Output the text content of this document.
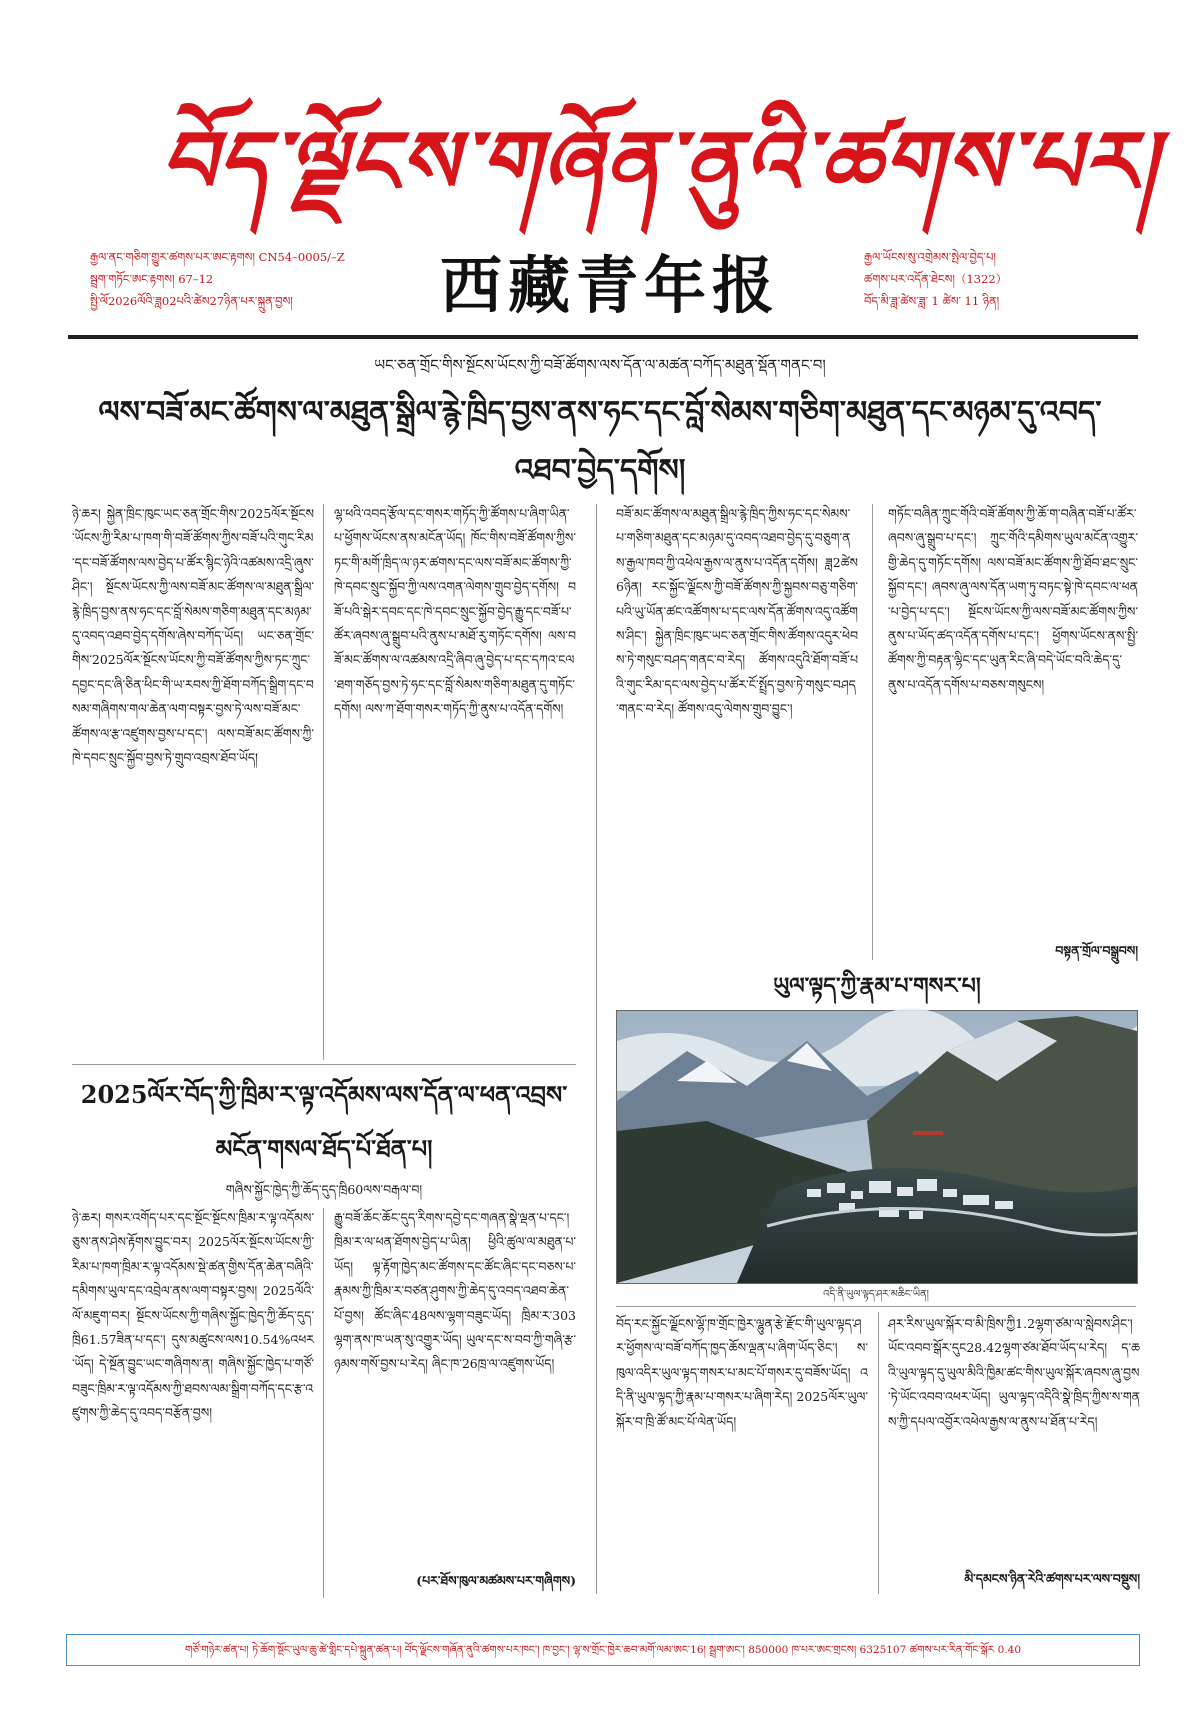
བོད་ལྗོངས་གཞོན་ནུའི་ཚགས་པར།
རྒྱལ་ནང་གཅིག་གྱུར་ཚགས་པར་ཨང་རྟགས། CN54–0005/–Z
སྦྲག་གཏོང་ཨང་རྟགས། 67–12
སྤྱི་ལོ2026ལོའི་ཟླ02པའི་ཚེས27ཉིན་པར་སྐྲུན་བྱས།	西藏青年报	རྒྱལ་ཡོངས་སུ་འགྲེམས་སྤེལ་བྱེད་པ།
ཚགས་པར་འདོན་ཐེངས།（1322）
བོད་མི་ཟླ་ཚེས་ཟླ་ 1 ཚེས་ 11 ཉིན།
ཡང་ཅན་གྲོང་གིས་སྔོངས་ཡོངས་ཀྱི་བཟོ་ཚོགས་ལས་དོན་ལ་མཚན་བཀོད་མཐུན་སྡོན་གནང་བ།
ལས་བཟོ་མང་ཚོགས་ལ་མཐུན་སྒྲིལ་རྙེ་ཁྲིད་བྱས་ནས་ཧང་དང་བློ་སེམས་གཅིག་མཐུན་དང་མཉམ་དུ་འབད་འཐབ་བྱེད་དགོས།
ཉེ་ཆར། སྐྱེན་ཁྲིང་ཁུང་ཡང་ཅན་གྲོང་གིས་2025ལོར་སྔོངས་ཡོངས་ཀྱི་རིམ་པ་ཁག་གི་བཟོ་ཚོགས་ཀྱིས་བཟོ་པའི་གུང་རིམ་དང་བཟོ་ཚོགས་ལས་བྱེད་པ་ཚོར་སྙིང་ཉེའི་འཚམས་འདྲི་ཞུས་ཤིང་། སྔོངས་ཡོངས་ཀྱི་ལས་བཟོ་མང་ཚོགས་ལ་མཐུན་སྒྲིལ་རྙེ་ཁྲིད་བྱས་ནས་ཧང་དང་བློ་སེམས་གཅིག་མཐུན་དང་མཉམ་དུ་འབད་འཐབ་བྱེད་དགོས་ཞེས་བཀོད་ཡོད། ཡང་ཅན་གྲོང་གིས་2025ལོར་སྔོངས་ཡོངས་ཀྱི་བཟོ་ཚོགས་ཀྱིས་ཏང་ཀྲུང་དབྱང་དང་ཞི་ཅིན་ཕིང་གི་ཡ་རབས་ཀྱི་ཐོག་བཀོད་སྒྲིག་དང་བསམ་གཞིགས་གལ་ཆེན་ལག་བསྟར་བྱས་ཏེ་ལས་བཟོ་མང་ཚོགས་ལ་རྩ་འཛུགས་བྱས་པ་དང་། ལས་བཟོ་མང་ཚོགས་ཀྱི་ཁེ་དབང་སྲུང་སྐྱོབ་བྱས་ཏེ་གྲུབ་འབྲས་ཐོབ་ཡོད།
ལྷ་ཕའི་འབད་རྩོལ་དང་གསར་གཏོད་ཀྱི་ཚོགས་པ་ཞིག་ཡིན་པ་ཕྱོགས་ཡོངས་ནས་མངོན་ཡོད། ཁོང་གིས་བཟོ་ཚོགས་ཀྱིས་ཏང་གི་མགོ་ཁྲིད་ལ་ཉར་ཚགས་དང་ལས་བཟོ་མང་ཚོགས་ཀྱི་ཁེ་དབང་སྲུང་སྐྱོབ་ཀྱི་ལས་འགན་ལེགས་གྲུབ་བྱེད་དགོས། བཟོ་པའི་སྒེར་དབང་དང་ཁེ་དབང་སྲུང་སྐྱོབ་བྱེད་རྒྱུ་དང་བཟོ་པ་ཚོར་ཞབས་ཞུ་སྒྲུབ་པའི་ནུས་པ་མཐོ་རུ་གཏོང་དགོས། ལས་བཟོ་མང་ཚོགས་ལ་འཚམས་འདྲི་ཞིབ་ཞུ་བྱེད་པ་དང་དཀའ་ངལ་ཐག་གཅོད་བྱས་ཏེ་ཧང་དང་བློ་སེམས་གཅིག་མཐུན་དུ་གཏོང་དགོས། ལས་ཀ་ཐོག་གསར་གཏོད་ཀྱི་ནུས་པ་འདོན་དགོས།
བཟོ་མང་ཚོགས་ལ་མཐུན་སྒྲིལ་རྙེ་ཁྲིད་ཀྱིས་ཧང་དང་སེམས་པ་གཅིག་མཐུན་དང་མཉམ་དུ་འབད་འཐབ་བྱེད་དུ་བཅུག་ནས་རྒྱལ་ཁབ་ཀྱི་འཕེལ་རྒྱས་ལ་ནུས་པ་འདོན་དགོས། ཟླ2ཚེས6ཉིན། རང་སྐྱོང་ལྗོངས་ཀྱི་བཟོ་ཚོགས་ཀྱི་སྐྱབས་བཅུ་གཅིག་པའི་ཡུ་ཡོན་ཚང་འཚོགས་པ་དང་ལས་དོན་ཚོགས་འདུ་འཚོགས་ཤིང་། སྐྱེན་ཁྲིང་ཁུང་ཡང་ཅན་གྲོང་གིས་ཚོགས་འདུར་ཕེབས་ཏེ་གསུང་བཤད་གནང་བ་རེད། ཚོགས་འདུའི་ཐོག་བཟོ་པའི་གུང་རིམ་དང་ལས་བྱེད་པ་ཚོར་ངོ་སྤྲོད་བྱས་ཏེ་གསུང་བཤད་གནང་བ་རེད། ཚོགས་འདུ་ལེགས་གྲུབ་བྱུང་།
གཏོང་བཞིན་ཀྲུང་གོའི་བཟོ་ཚོགས་ཀྱི་ཆོ་ག་བཞིན་བཟོ་པ་ཚོར་ཞབས་ཞུ་སྒྲུབ་པ་དང་། ཀྲུང་གོའི་དམིགས་ཡུལ་མངོན་འགྱུར་གྱི་ཆེད་དུ་གཏོང་དགོས། ལས་བཟོ་མང་ཚོགས་ཀྱི་ཐོབ་ཐང་སྲུང་སྐྱོབ་དང་། ཞབས་ཞུ་ལས་དོན་ཡག་ཏུ་བཏང་སྟེ་ཁེ་དབང་ལ་ཕན་པ་བྱེད་པ་དང་། སྔོངས་ཡོངས་ཀྱི་ལས་བཟོ་མང་ཚོགས་ཀྱིས་ནུས་པ་ཡོད་ཚད་འདོན་དགོས་པ་དང་། ཕྱོགས་ཡོངས་ནས་སྤྱི་ཚོགས་ཀྱི་བརྟན་ལྷིང་དང་ཡུན་རིང་ཞི་བདེ་ཡོང་བའི་ཆེད་དུ་ནུས་པ་འདོན་དགོས་པ་བཅས་གསུངས།
བསྟན་གྲོལ་བསྒྲུབས།
ཡུལ་ལྟད་ཀྱི་རྣམ་པ་གསར་པ།
འདི་ནི་ཡུལ་ལྟད་ཤར་མཆིང་ཡིན།
བོད་རང་སྐྱོང་ལྗོངས་ལྷོ་ཁ་གྲོང་ཁྱེར་ལྷུན་རྩེ་རྫོང་གི་ཡུལ་ལྟད་ཤར་ཕྱོགས་ལ་བཟོ་བཀོད་ཁྱད་ཆོས་ལྡན་པ་ཞིག་ཡོད་ཅིང་། ས་ཁུལ་འདིར་ཡུལ་ལྟད་གསར་པ་མང་པོ་གསར་དུ་བཟོས་ཡོད། འདི་ནི་ཡུལ་ལྟད་ཀྱི་རྣམ་པ་གསར་པ་ཞིག་རེད། 2025ལོར་ཡུལ་སྐོར་བ་ཁྲི་ཚོ་མང་པོ་ལེན་ཡོད།
ཤར་རིས་ཡུལ་སྐོར་བ་མི་ཁྲིས་ཀྱི1.2ལྷག་ཙམ་ལ་སླེབས་ཤིང་། ཡོང་འབབ་སྒོར་དུང28.42ལྷག་ཙམ་ཐོབ་ཡོད་པ་རེད། ད་ཆའི་ཡུལ་ལྟད་དུ་ཡུལ་མིའི་ཁྱིམ་ཚང་གིས་ཡུལ་སྐོར་ཞབས་ཞུ་བྱས་ཏེ་ཡོང་འབབ་འཕར་ཡོད། ཡུལ་ལྟད་འདིའི་སྣེ་ཁྲིད་ཀྱིས་ས་གནས་ཀྱི་དཔལ་འབྱོར་འཕེལ་རྒྱས་ལ་ནུས་པ་ཐོན་པ་རེད།
མི་དམངས་ཉིན་རེའི་ཚགས་པར་ལས་བསྡུས།
2025ལོར་བོད་ཀྱི་ཁྲིམ་ར་ལྟ་འདོམས་ལས་དོན་ལ་ཕན་འབྲས་མངོན་གསལ་ཐོད་པོ་ཐོན་པ།
གཞིས་སྐྱོང་ཁྱེད་ཀྱི་ཆོད་དུད་ཁྲི60ལས་བརྒལ་བ།
ཉེ་ཆར། གསར་འགོད་པར་དང་སྔོང་སྔོངས་ཁྲིམ་ར་ལྟ་འདོམས་ཅུས་ནས་ཤེས་རྟོགས་བྱུང་བར། 2025ལོར་སྔོངས་ཡོངས་ཀྱི་རིམ་པ་ཁག་ཁྲིམ་ར་ལྟ་འདོམས་སྡེ་ཚན་གྱིས་དོན་ཆེན་བཞིའི་དམིགས་ཡུལ་དང་འབྲེལ་ནས་ལག་བསྟར་བྱས། 2025ལོའི་ལོ་མཇུག་བར། སྔོངས་ཡོངས་ཀྱི་གཞིས་སྐྱོང་ཁྱེད་ཀྱི་ཆོད་དུད་ཁྲི61.57ཟིན་པ་དང་། དུས་མཚུངས་ལས10.54%འཕར་ཡོད། དེ་སྔོན་བྱུང་ཡང་གཞིགས་ན། གཞིས་སྐྱོང་ཁྱེད་པ་གཙོ་བཟུང་ཁྲིམ་ར་ལྟ་འདོམས་ཀྱི་ཐབས་ལམ་སྒྲིག་བཀོད་དང་རྩ་འཛུགས་ཀྱི་ཆེད་དུ་འབད་བརྩོན་བྱས།
རྒྱུ་བཟོ་ཆོང་ཆོང་དུད་རིགས་དབྱེ་དང་གཞན་སྣེ་ལྡན་པ་དང་། ཁྲིམ་ར་ལ་ཕན་ཐོགས་བྱེད་པ་ཡིན། ཕྱིའི་ཚུལ་ལ་མཐུན་པ་ཡོད། ལྟ་རྟོག་ཁྱེད་མང་ཚོགས་དང་ཚོང་ཞིང་དང་བཅས་པ་རྣམས་ཀྱི་ཁྲིམ་ར་བཙན་ཤུགས་ཀྱི་ཆེད་དུ་འབད་འཐབ་ཆེན་པོ་བྱས། ཚོང་ཞིང་48ལས་ལྷག་བཟུང་ཡོད། ཁྲིམ་ར་303ལྷག་ནས་ཁ་ཡན་སུ་འགྱུར་ཡོད། ཡུལ་དང་ས་བབ་ཀྱི་གཞི་རྩ་ཉམས་གསོ་བྱས་པ་རེད། ཞིང་ཁ་26ཁྲ་ལ་འཛུགས་ཡོད།
(པར་ཐོས་ཁུལ་མཚམས་པར་གཞིགས)
གཙོ་གཉེར་ཚན་པ། ཏེ་ཆོག་སྔོང་ཡུལ་ཆུ་ཚེ་གླིང་དཔེ་སྐྲུན་ཚན་པ། བོད་ལྗོངས་གཞོན་ནུའི་ཚགས་པར་ཁང་། ཁ་བྱང་། ལྷ་ས་གྲོང་ཁྱེར་ཆབ་མགོ་ལམ་ཨང་16། སྦྲག་ཨང་། 850000 ཁ་པར་ཨང་གྲངས། 6325107 ཚགས་པར་རིན་གོང་སྒོར 0.40
